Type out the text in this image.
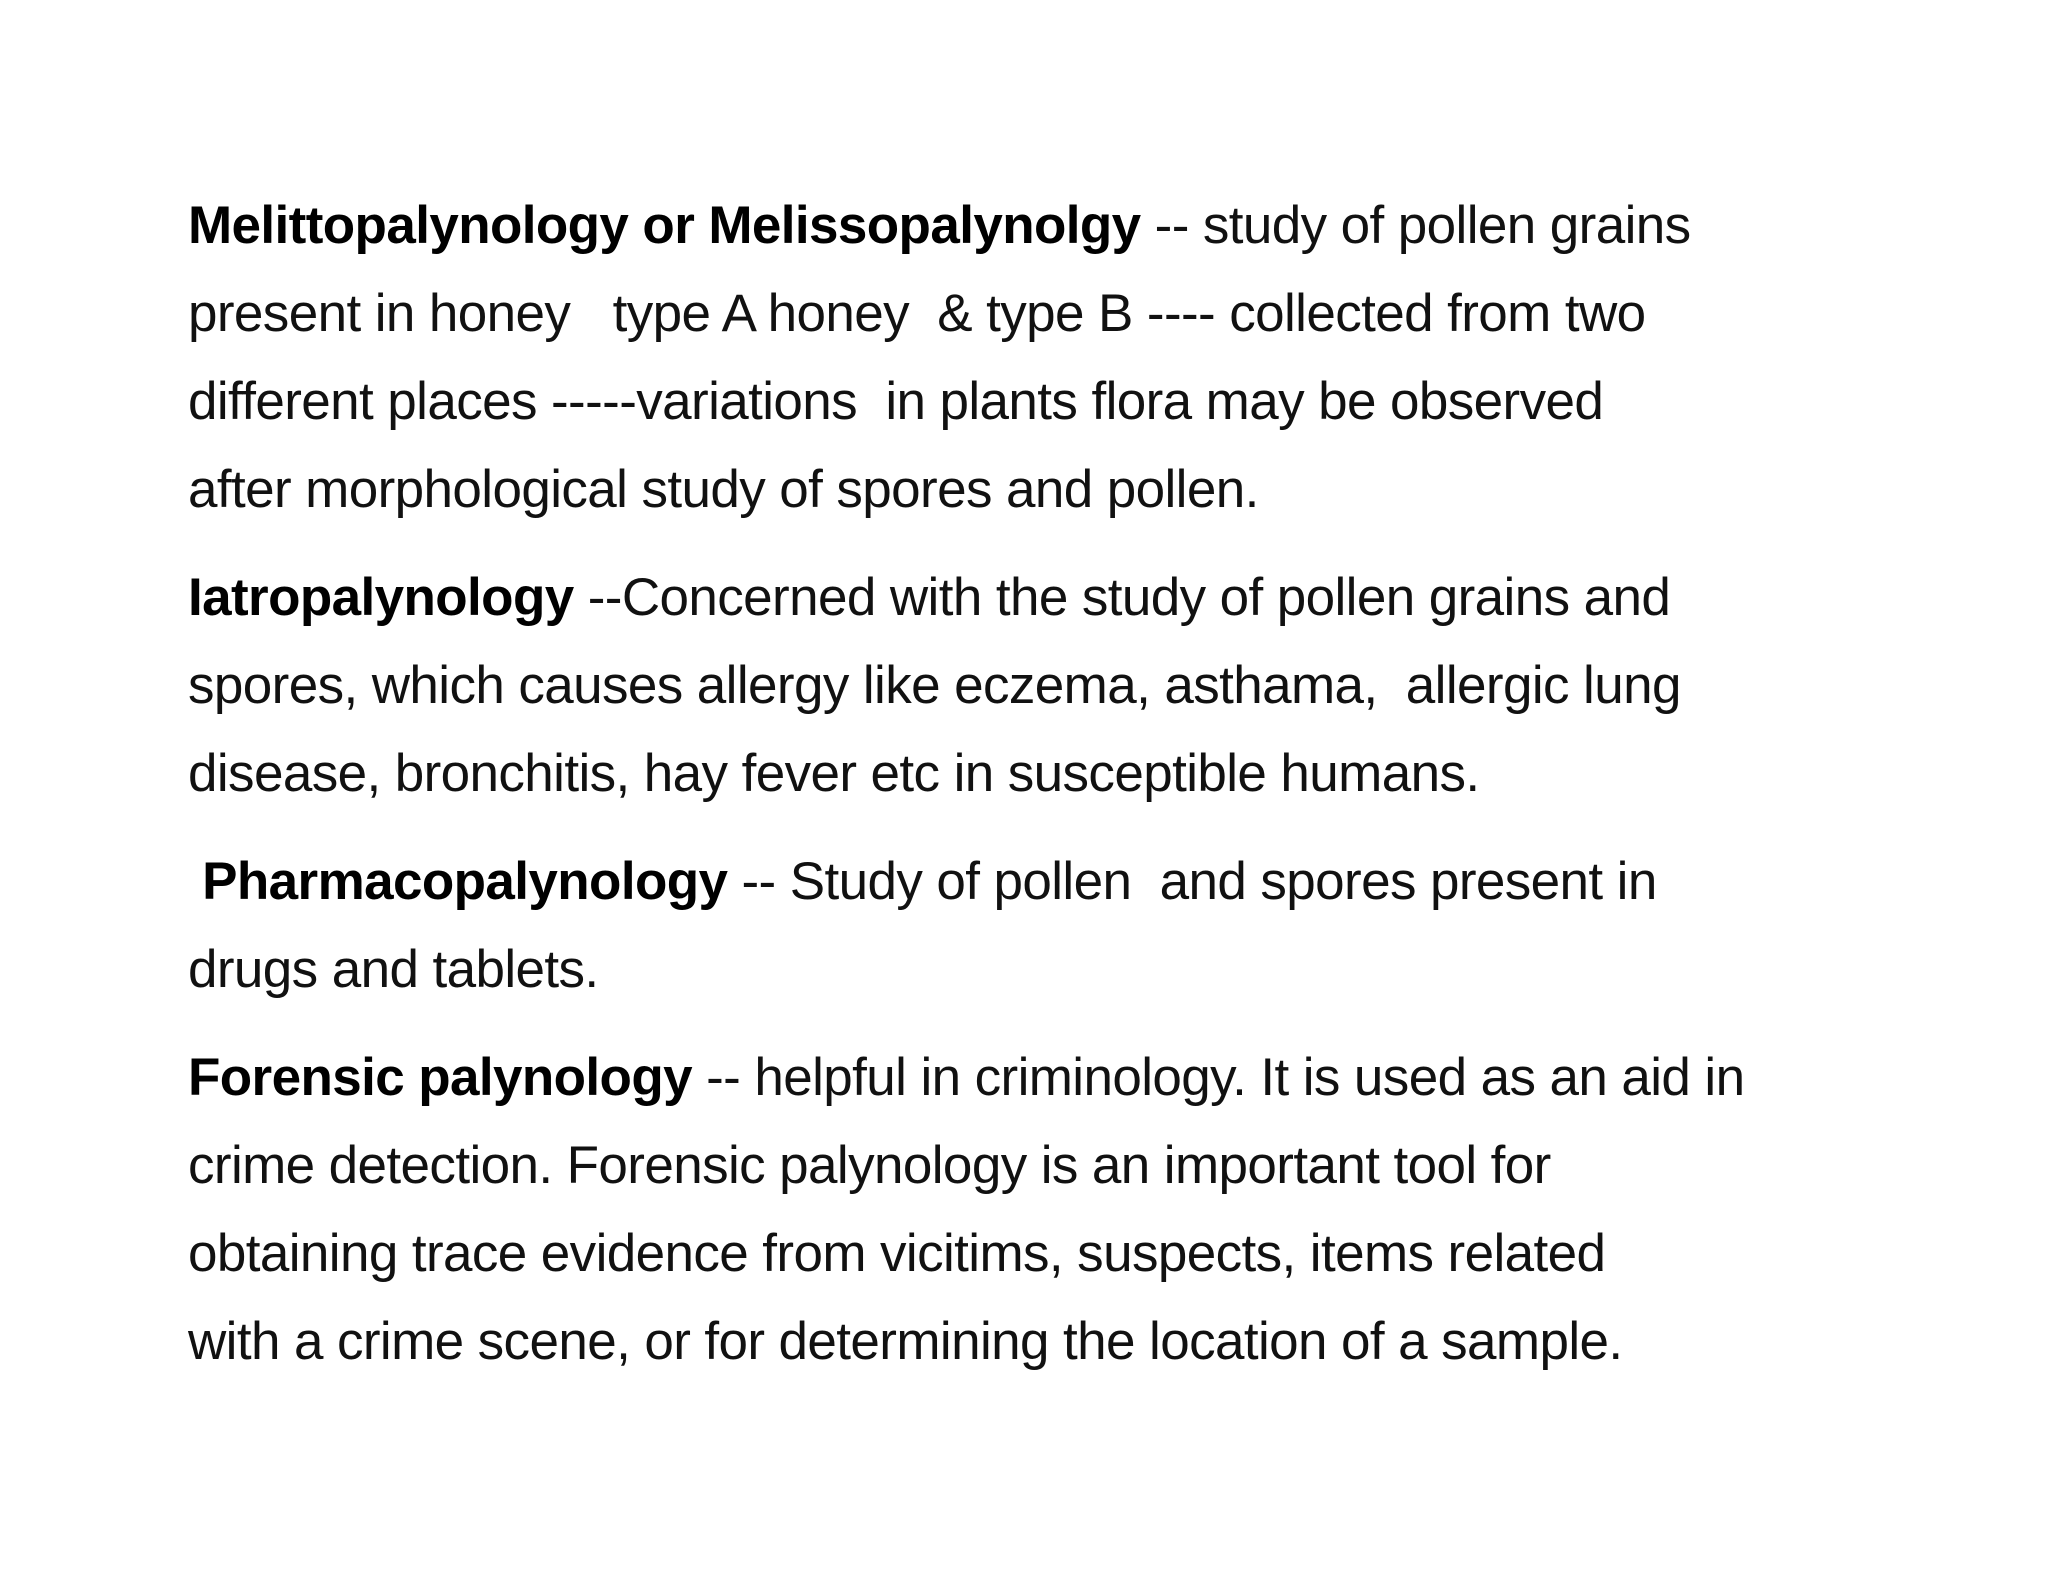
Melittopalynology or Melissopalynolgy -- study of pollen grains
present in honey   type A honey  & type B ---- collected from two
different places -----variations  in plants flora may be observed
after morphological study of spores and pollen.
Iatropalynology --Concerned with the study of pollen grains and
spores, which causes allergy like eczema, asthama,  allergic lung
disease, bronchitis, hay fever etc in susceptible humans.
Pharmacopalynology -- Study of pollen  and spores present in
drugs and tablets.
Forensic palynology -- helpful in criminology. It is used as an aid in
crime detection. Forensic palynology is an important tool for
obtaining trace evidence from vicitims, suspects, items related
with a crime scene, or for determining the location of a sample.
